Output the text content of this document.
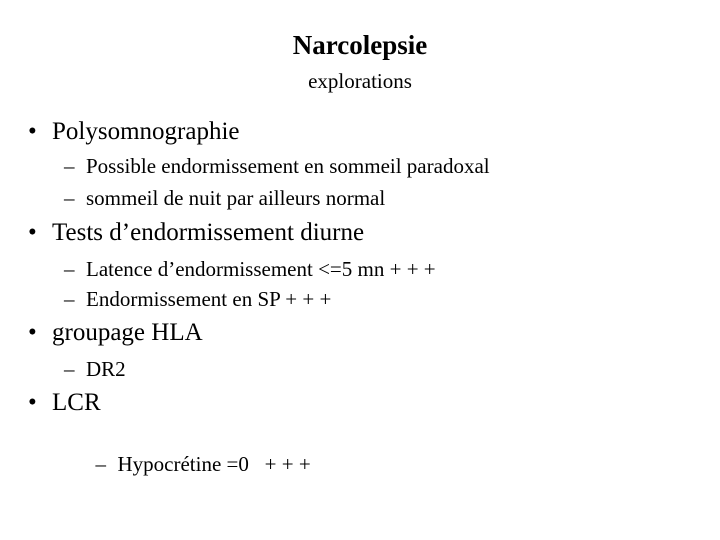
Narcolepsie
explorations
• Polysomnographie
– Possible endormissement en sommeil paradoxal
– sommeil de nuit par ailleurs normal
• Tests d’endormissement diurne
– Latence d’endormissement <=5 mn + + +
– Endormissement en SP + + +
• groupage HLA
– DR2
• LCR

– Hypocrétine =0   + + +
